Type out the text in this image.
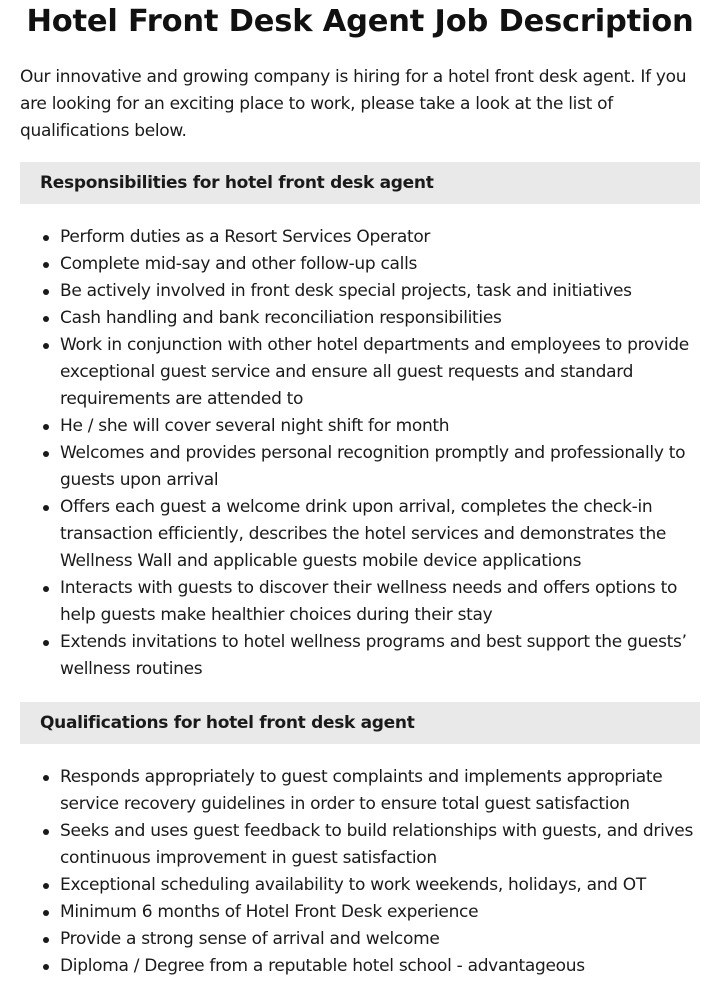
Hotel Front Desk Agent Job Description

Our innovative and growing company is hiring for a hotel front desk agent. If you are looking for an exciting place to work, please take a look at the list of qualifications below.

Responsibilities for hotel front desk agent
Perform duties as a Resort Services Operator
Complete mid-say and other follow-up calls
Be actively involved in front desk special projects, task and initiatives
Cash handling and bank reconciliation responsibilities
Work in conjunction with other hotel departments and employees to provide exceptional guest service and ensure all guest requests and standard requirements are attended to
He / she will cover several night shift for month
Welcomes and provides personal recognition promptly and professionally to guests upon arrival
Offers each guest a welcome drink upon arrival, completes the check-in transaction efficiently, describes the hotel services and demonstrates the Wellness Wall and applicable guests mobile device applications
Interacts with guests to discover their wellness needs and offers options to help guests make healthier choices during their stay
Extends invitations to hotel wellness programs and best support the guests’ wellness routines
Qualifications for hotel front desk agent
Responds appropriately to guest complaints and implements appropriate service recovery guidelines in order to ensure total guest satisfaction
Seeks and uses guest feedback to build relationships with guests, and drives continuous improvement in guest satisfaction
Exceptional scheduling availability to work weekends, holidays, and OT
Minimum 6 months of Hotel Front Desk experience
Provide a strong sense of arrival and welcome
Diploma / Degree from a reputable hotel school - advantageous
